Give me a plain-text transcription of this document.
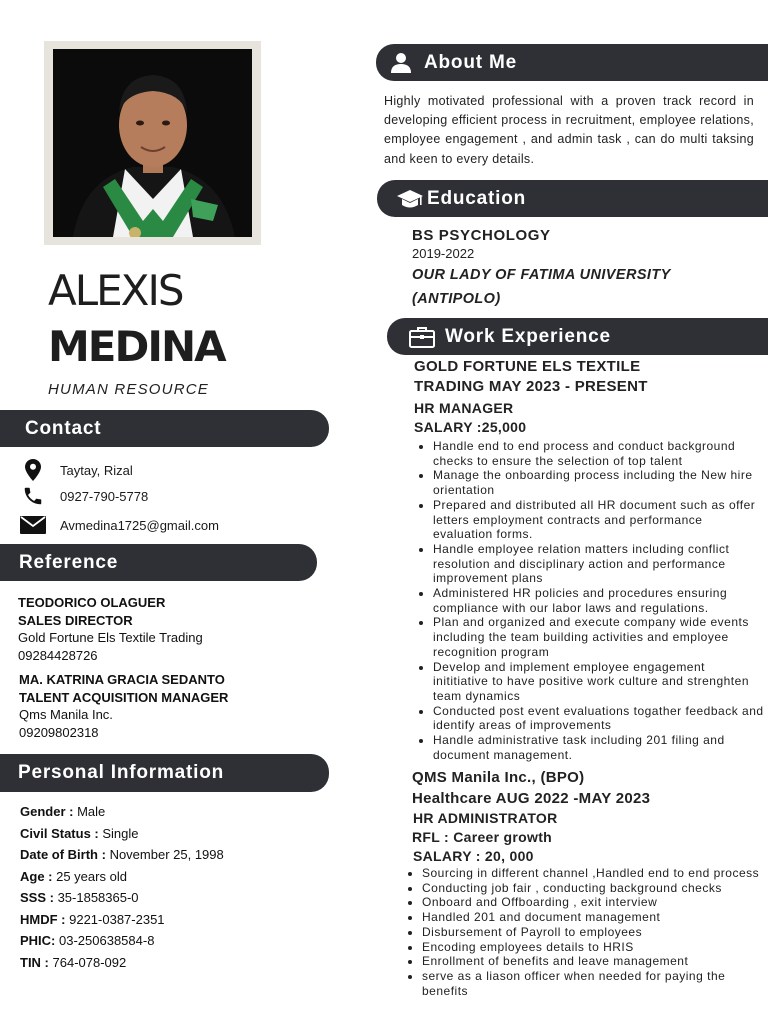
ALEXIS
MEDINA
HUMAN RESOURCE
Contact
Taytay, Rizal
0927-790-5778
Avmedina1725@gmail.com
Reference
TEODORICO OLAGUER
SALES DIRECTOR
Gold Fortune Els Textile Trading
09284428726
MA. KATRINA GRACIA SEDANTO
TALENT ACQUISITION MANAGER
Qms Manila Inc.
09209802318
Personal Information
Gender : Male
Civil Status : Single
Date of Birth : November 25, 1998
Age : 25 years old
SSS : 35-1858365-0
HMDF : 9221-0387-2351
PHIC: 03-250638584-8
TIN : 764-078-092
About Me
Highly motivated professional with a proven track record in developing efficient process in recruitment, employee relations, employee engagement , and admin task , can do multi taksing and keen to every details.
Education
BS PSYCHOLOGY
2019-2022
OUR LADY OF FATIMA UNIVERSITY
(ANTIPOLO)
Work Experience
GOLD FORTUNE ELS TEXTILE
TRADING MAY 2023 - PRESENT
HR MANAGER
SALARY :25,000
• Handle end to end process and conduct background checks to ensure the selection of top talent
• Manage the onboarding process including the New hire orientation
• Prepared and distributed all HR document such as offer letters employment contracts and performance evaluation forms.
• Handle employee relation matters including conflict resolution and disciplinary action and performance improvement plans
• Administered HR policies and procedures ensuring compliance with our labor laws and regulations.
• Plan and organized and execute company wide events including the team building activities and employee recognition program
• Develop and implement employee engagement inititiative to have positive work culture and strenghten team dynamics
• Conducted post event evaluations togather feedback and identify areas of improvements
• Handle administrative task including 201 filing and document management.
QMS Manila Inc., (BPO)
Healthcare AUG 2022 -MAY 2023
HR ADMINISTRATOR
RFL : Career growth
SALARY : 20, 000
• Sourcing in different channel ,Handled end to end process
• Conducting job fair , conducting background checks
• Onboard and Offboarding , exit interview
• Handled 201 and document management
• Disbursement of Payroll to employees
• Encoding employees details to HRIS
• Enrollment of benefits and leave management
• serve as a liason officer when needed for paying the benefits
